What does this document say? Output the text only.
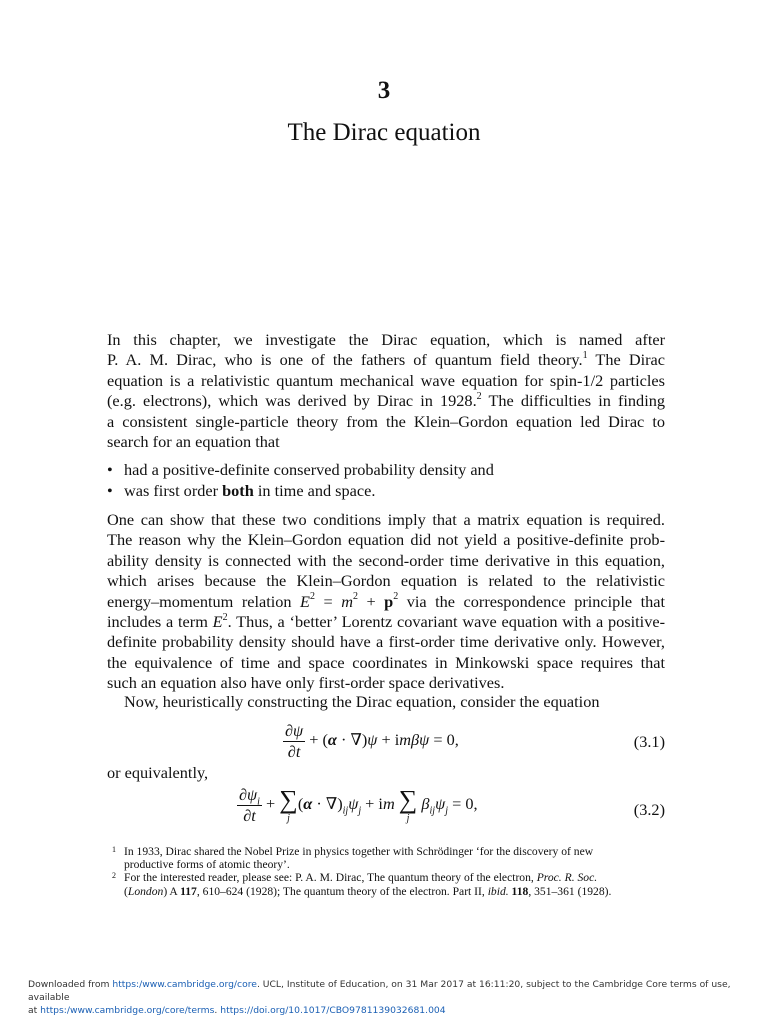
3
The Dirac equation

In this chapter, we investigate the Dirac equation, which is named after

P. A. M. Dirac, who is one of the fathers of quantum field theory.$^1$ The Dirac

equation is a relativistic quantum mechanical wave equation for spin-1/2 particles

(e.g. electrons), which was derived by Dirac in 1928.$^2$ The difficulties in finding

a consistent single-particle theory from the Klein–Gordon equation led Dirac to

search for an equation that

• had a positive-definite conserved probability density and
• was first order both in time and space.

One can show that these two conditions imply that a matrix equation is required.

The reason why the Klein–Gordon equation did not yield a positive-definite prob-

ability density is connected with the second-order time derivative in this equation,

which arises because the Klein–Gordon equation is related to the relativistic

energy–momentum relation $E^2 = m^2 + p^2$ via the correspondence principle that

includes a term $E^2$. Thus, a ‘better’ Lorentz covariant wave equation with a positive-

definite probability density should have a first-order time derivative only. However,

the equivalence of time and space coordinates in Minkowski space requires that

such an equation also have only first-order space derivatives.

Now, heuristically constructing the Dirac equation, consider the equation

$\frac{\partial\psi}{\partial t} + (\alpha \cdot \nabla)\psi + im\beta\psi = 0$,	(3.1)
or equivalently,
$\frac{\partial\psi_i}{\partial t}$ + ∑
j
$(\alpha \cdot \nabla)_{ij}\psi_j$ + im ∑
j
$\beta_{ij}\psi_j = 0$,	(3.2)
1 In 1933, Dirac shared the Nobel Prize in physics together with Schrödinger ‘for the discovery of new
productive forms of atomic theory’.
2 For the interested reader, please see: P. A. M. Dirac, The quantum theory of the electron, Proc. R. Soc.
(London) A 117, 610–624 (1928); The quantum theory of the electron. Part II, ibid. 118, 351–361 (1928).
Downloaded from https:/www.cambridge.org/core. UCL, Institute of Education, on 31 Mar 2017 at 16:11:20, subject to the Cambridge Core terms of use, available
at https:/www.cambridge.org/core/terms. https://doi.org/10.1017/CBO9781139032681.004
